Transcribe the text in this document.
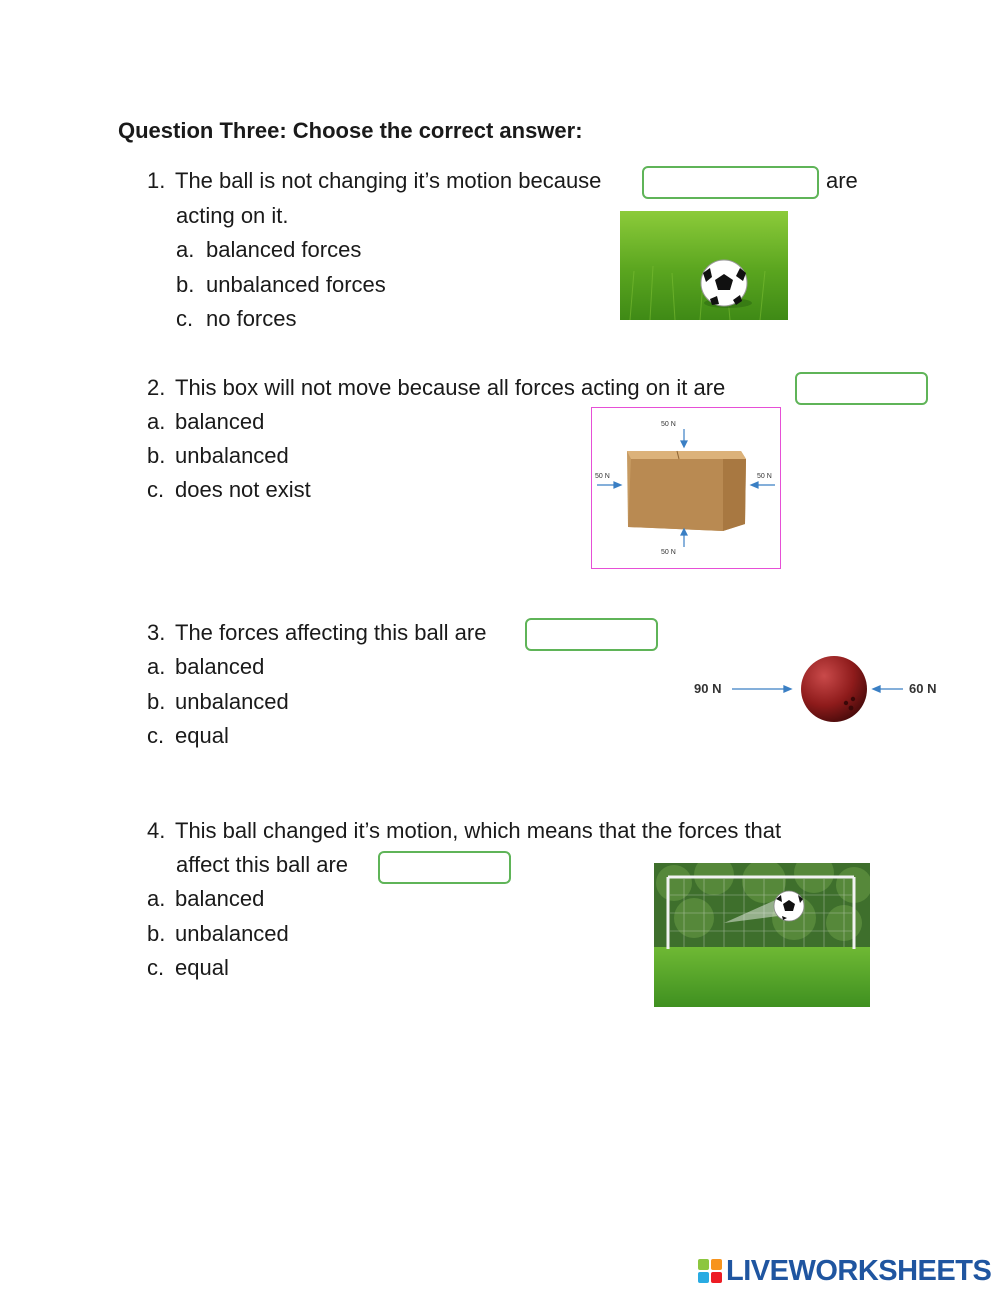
Question Three: Choose the correct answer:
1. The ball is not changing it’s motion because	are
acting on it.
a. balanced forces
b. unbalanced forces
c. no forces
2. This box will not move because all forces acting on it are
a. balanced
b. unbalanced
c. does not exist
50 N
50 N	50 N
50 N
3. The forces affecting this ball are
a. balanced
b. unbalanced
c. equal
90 N	60 N
4. This ball changed it’s motion, which means that the forces that
affect this ball are
a. balanced
b. unbalanced
c. equal
LIVEWORKSHEETS
